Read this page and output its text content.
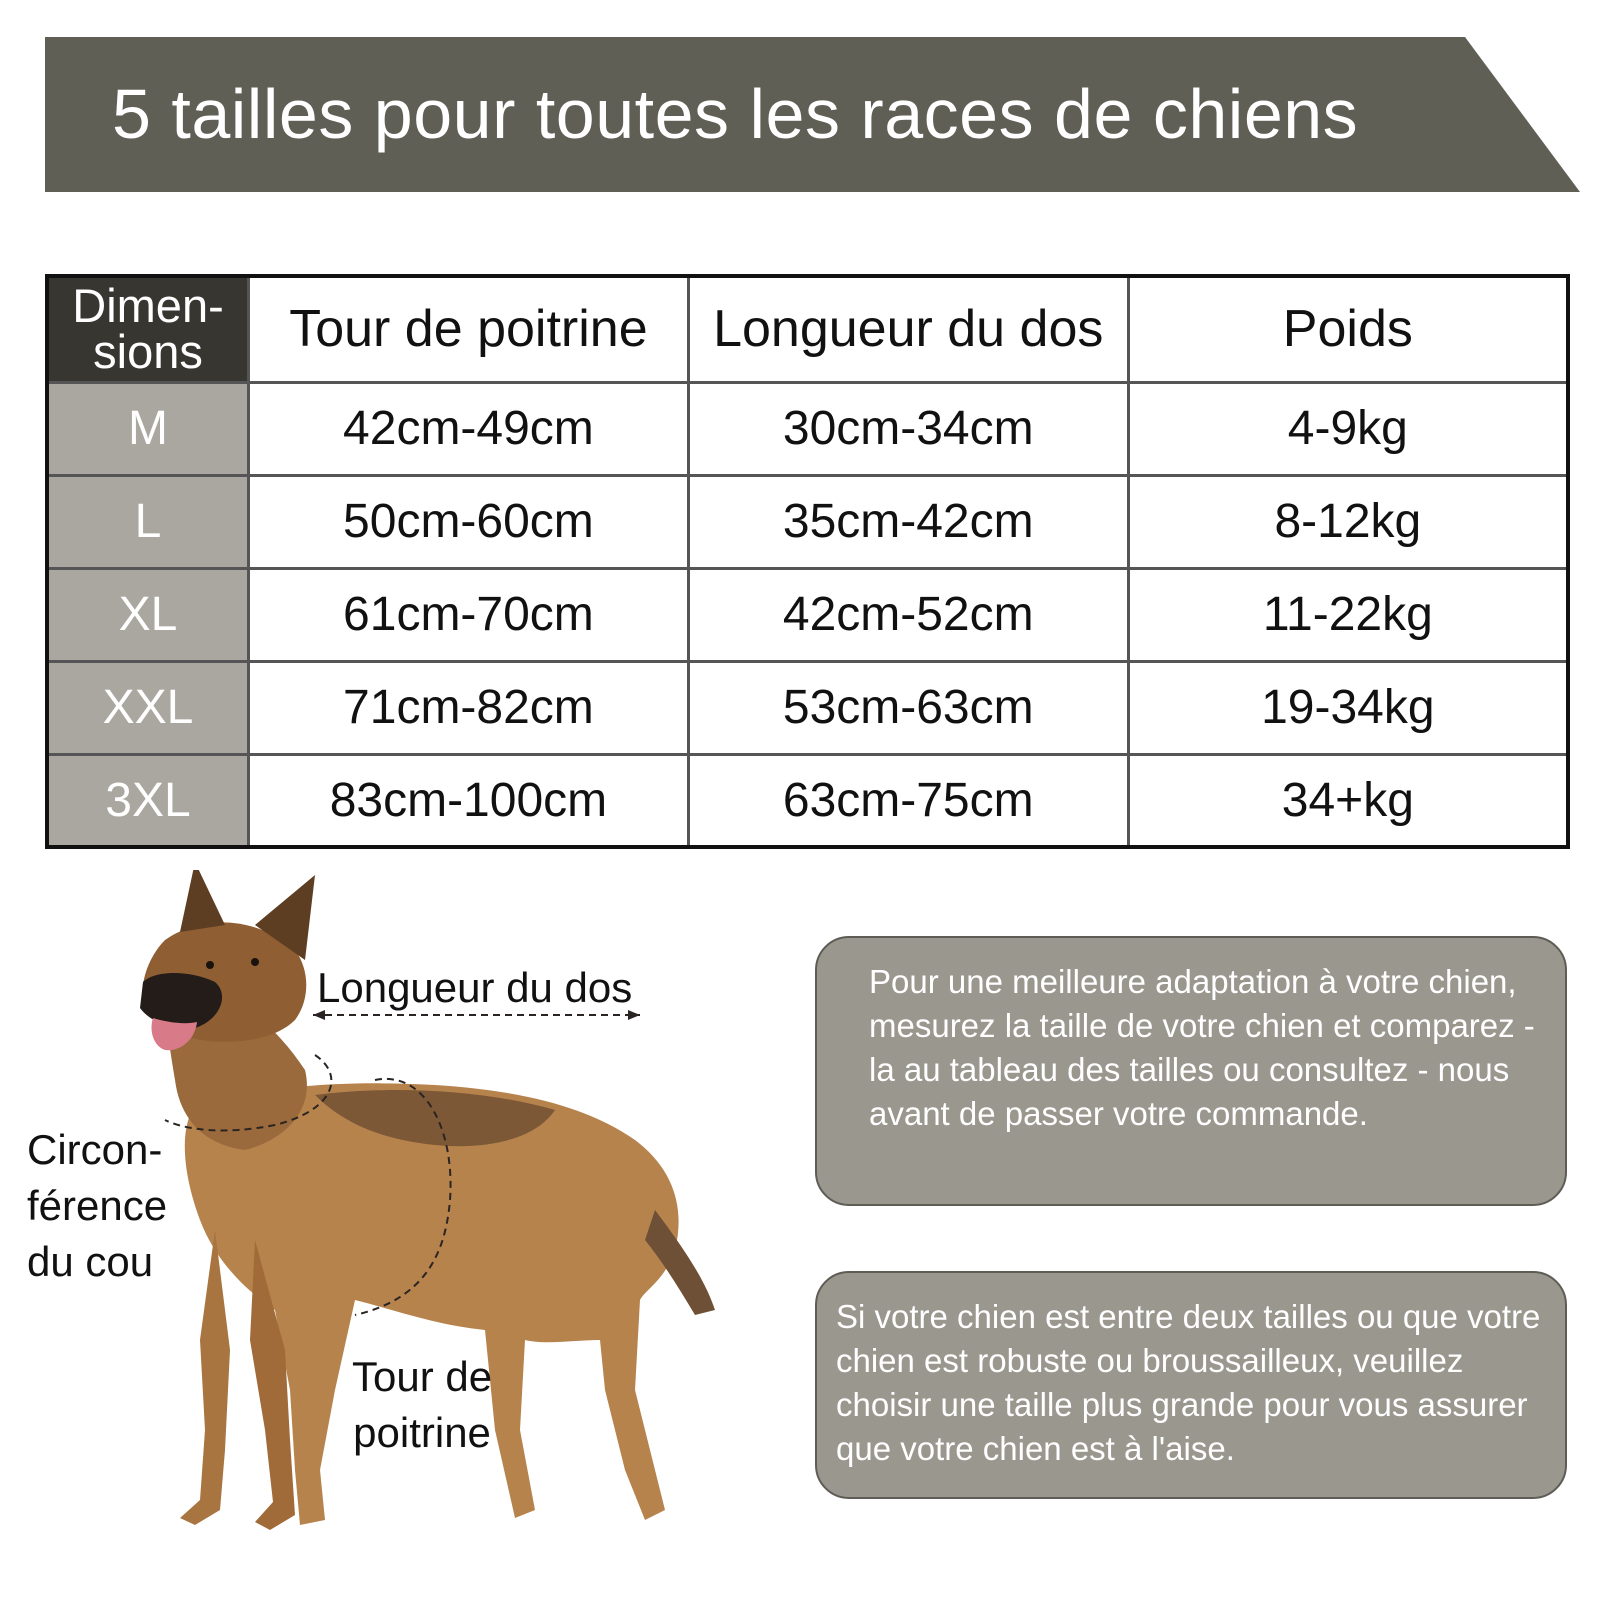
5 tailles pour toutes les races de chiens
Dimen-
sions	Tour de poitrine	Longueur du dos	Poids
M	42cm-49cm	30cm-34cm	4-9kg
L	50cm-60cm	35cm-42cm	8-12kg
XL	61cm-70cm	42cm-52cm	11-22kg
XXL	71cm-82cm	53cm-63cm	19-34kg
3XL	83cm-100cm	63cm-75cm	34+kg
Longueur du dos
Circon-
férence
du cou
Tour de
poitrine
Pour une meilleure adaptation à votre chien, mesurez la taille de votre chien et comparez - la au tableau des tailles ou consultez - nous avant de passer votre commande.
Si votre chien est entre deux tailles ou que votre chien est robuste ou broussailleux, veuillez choisir une taille plus grande pour vous assurer que votre chien est à l'aise.
